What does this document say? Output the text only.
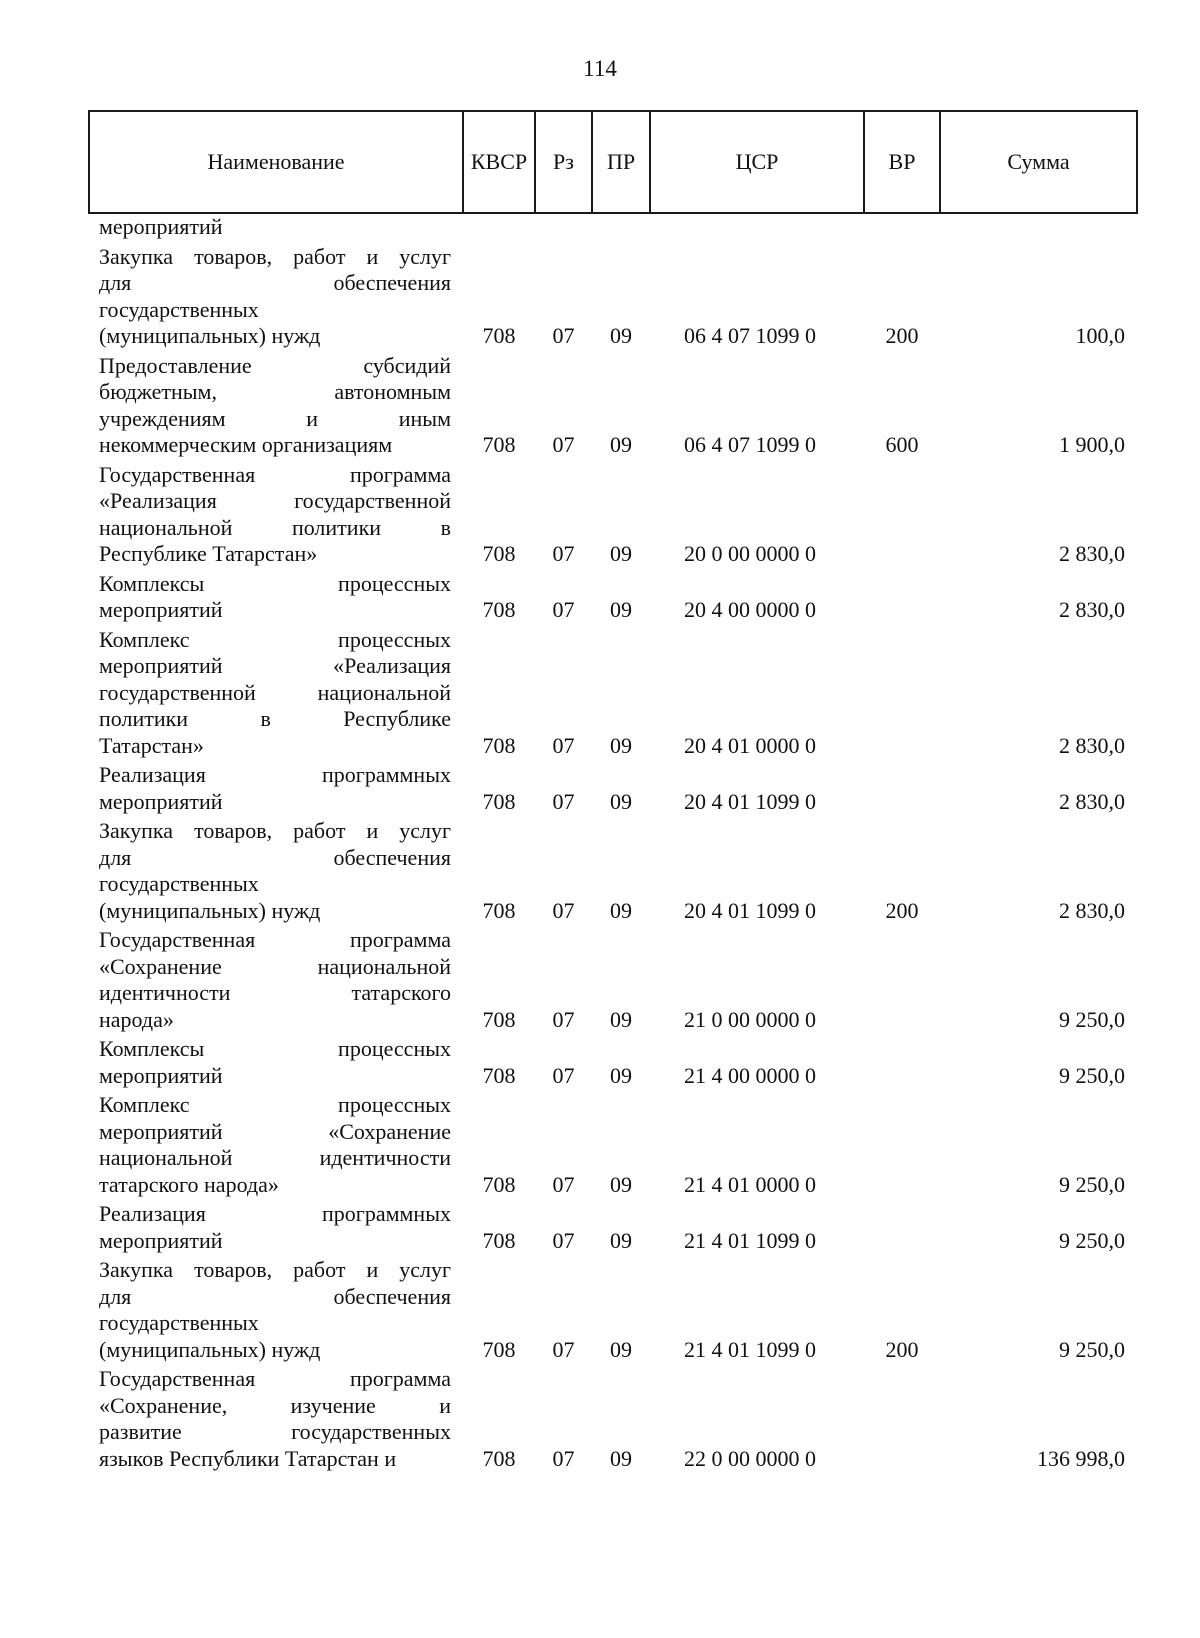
114
Наименование	КВСР	Рз	ПР	ЦСР	ВР	Сумма

мероприятий						

Закупка товаров, работ и услуг
для обеспечения
государственных
(муниципальных) нужд	708	07	09	06 4 07 1099 0	200	100,0

Предоставление субсидий
бюджетным, автономным
учреждениям и иным
некоммерческим организациям	708	07	09	06 4 07 1099 0	600	1 900,0

Государственная программа
«Реализация государственной
национальной политики в
Республике Татарстан»	708	07	09	20 0 00 0000 0		2 830,0

Комплексы процессных
мероприятий	708	07	09	20 4 00 0000 0		2 830,0

Комплекс процессных
мероприятий «Реализация
государственной национальной
политики в Республике
Татарстан»	708	07	09	20 4 01 0000 0		2 830,0

Реализация программных
мероприятий	708	07	09	20 4 01 1099 0		2 830,0

Закупка товаров, работ и услуг
для обеспечения
государственных
(муниципальных) нужд	708	07	09	20 4 01 1099 0	200	2 830,0

Государственная программа
«Сохранение национальной
идентичности татарского
народа»	708	07	09	21 0 00 0000 0		9 250,0

Комплексы процессных
мероприятий	708	07	09	21 4 00 0000 0		9 250,0

Комплекс процессных
мероприятий «Сохранение
национальной идентичности
татарского народа»	708	07	09	21 4 01 0000 0		9 250,0

Реализация программных
мероприятий	708	07	09	21 4 01 1099 0		9 250,0

Закупка товаров, работ и услуг
для обеспечения
государственных
(муниципальных) нужд	708	07	09	21 4 01 1099 0	200	9 250,0

Государственная программа
«Сохранение, изучение и
развитие государственных
языков Республики Татарстан и	708	07	09	22 0 00 0000 0		136 998,0
